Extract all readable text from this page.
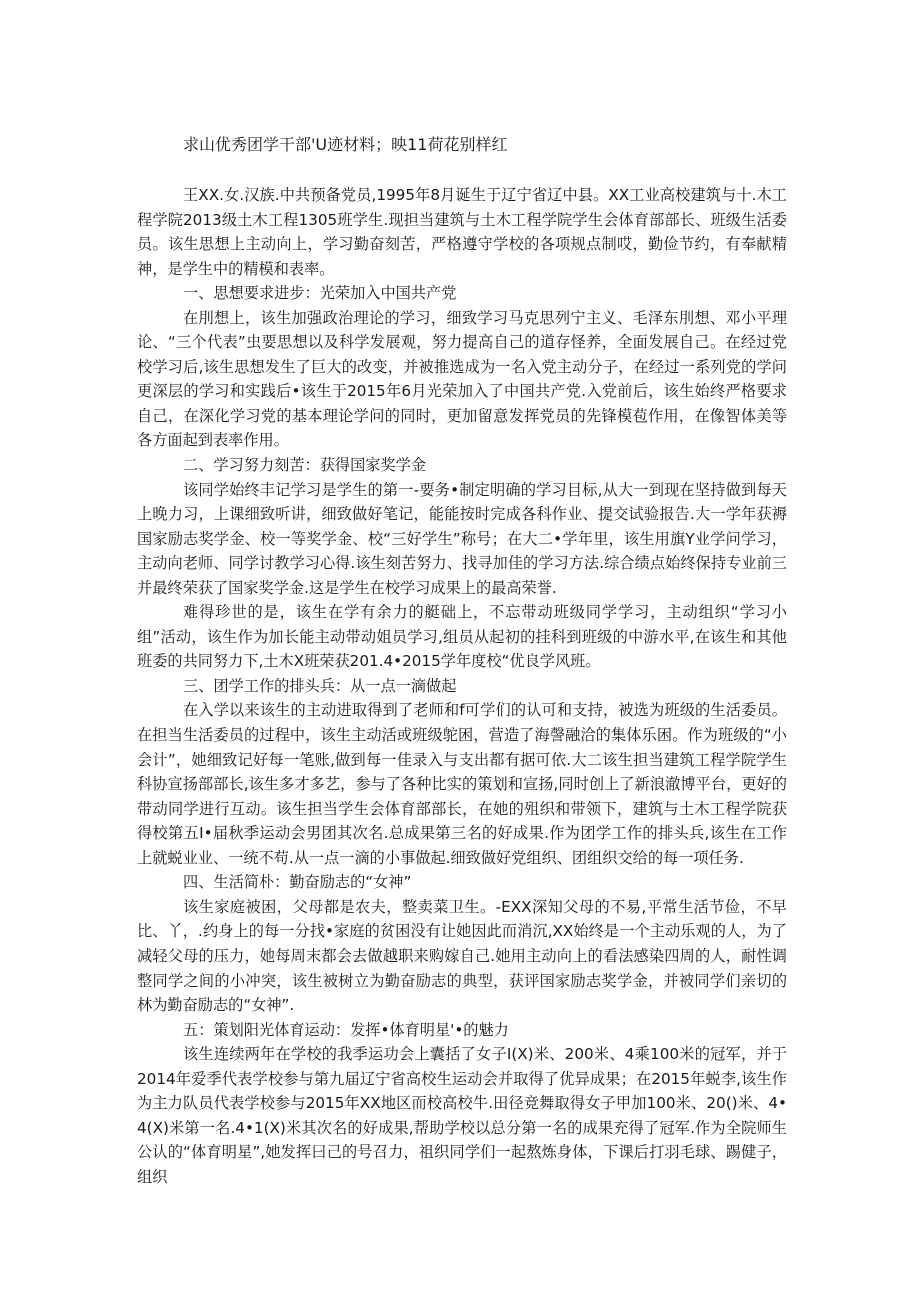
求山优秀团学干部'U迹材料；映11荷花别样红

王XX.女.汉族.中共预备党员,1995年8月诞生于辽宁省辽中县。XX工业高校建筑与十.木工程学院2013级土木工程1305班学生.现担当建筑与土木工程学院学生会体育部部长、班级生活委员。该生思想上主动向上，学习勤奋刻苦，严格遵守学校的各项规点制哎，勤俭节约，有奉献精神，是学生中的精模和表率。

一、思想要求进步：光荣加入中国共产党

在刖想上，该生加强政治理论的学习，细致学习马克思列宁主义、毛泽东刖想、邓小平理论、“三个代表”虫要思想以及科学发展观，努力提高自己的道存怪养，全面发展自己。在经过党校学习后,该生思想发生了巨大的改变，并被推选成为一名入党主动分子，在经过一系列党的学问更深层的学习和实践后•该生于2015年6月光荣加入了中国共产党.入党前后，该生始终严格要求自己，在深化学习党的基本理论学问的同时，更加留意发挥党员的先锋模苞作用，在像智体美等各方面起到表率作用。

二、学习努力刻苦：获得国家奖学金

该同学始终丰记学习是学生的第一-要务•制定明确的学习目标,从大一到现在坚持做到每天上晚力习，上课细致听讲，细致做好笔记，能能按时完成各科作业、提交试验报告.大一学年获褥国家励志奖学金、校一等奖学金、校“三好学生”称号；在大二•学年里，该生用旗Y业学问学习，主动向老师、同学讨教学习心得.该生刻苦努力、找寻加佳的学习方法.综合绩点始终保持专业前三并最终荣获了国家奖学金.这是学生在校学习成果上的最高荣誉.

难得珍世的是，该生在学有余力的艇础上，不忘带动班级同学学习，主动组织“学习小组”活动，该生作为加长能主动带动姐员学习,组员从起初的挂科到班级的中游水平,在该生和其他班委的共同努力下,土木X班荣获201.4•2015学年度校“优良学风班。

三、团学工作的排头兵：从一点一滴做起

在入学以来该生的主动进取得到了老师和f可学们的认可和支持，被选为班级的生活委员。在担当生活委员的过程中，该生主动活或班级鸵困，营造了海謦融洽的集体乐困。作为班级的“小会计”，她细致记好每一笔账,做到每一佳录入与支出都有据可依.大二该生担当建筑工程学院学生科协宣扬部部长,该生多才多艺，参与了各种比实的策划和宣扬,同时创上了新浪澈博平台，更好的带动同学进行互动。该生担当学生会体育部部长，在她的殂织和带领下，建筑与土木工程学院获得校第五I•届秋季运动会男团其次名.总成果第三名的好成果.作为团学工作的排头兵,该生在工作上就蜕业业、一统不苟.从一点一滴的小事做起.细致做好党组织、团组织交给的每一项任务.

四、生活简朴：勤奋励志的“女神”

该生家庭被困，父母都是农夫，整卖菜卫生。-EXX深知父母的不易,平常生活节俭，不早比、丫，.约身上的每一分找•家庭的贫困没有让她因此而消沉,XX始终是一个主动乐观的人，为了减轻父母的压力，她每周末都会去做越职来购嫁自己.她用主动向上的看法感染四周的人，耐性调整同学之间的小冲突，该生被树立为勤奋励志的典型，获评国家励志奖学金，并被同学们亲切的林为勤奋励志的“女神”.

五：策划阳光体育运动：发挥•体育明星'•的魅力

该生连续两年在学校的我季运功会上囊括了女子I(X)米、200米、4乘100米的冠军，并于2014年爱季代表学校参与第九届辽宁省高校生运动会并取得了优异成果；在2015年蜕李,该生作为主力队员代表学校参与2015年XX地区而校高校牛.田径竞舞取得女子甲加100米、20()米、4•4(X)米第一名.4•1(X)米其次名的好成果,帮助学校以总分第一名的成果充得了冠军.作为全院师生公认的“体育明星”,她发挥曰己的号召力，祖织同学们一起熬炼身体，下课后打羽毛球、踢健子，组织
